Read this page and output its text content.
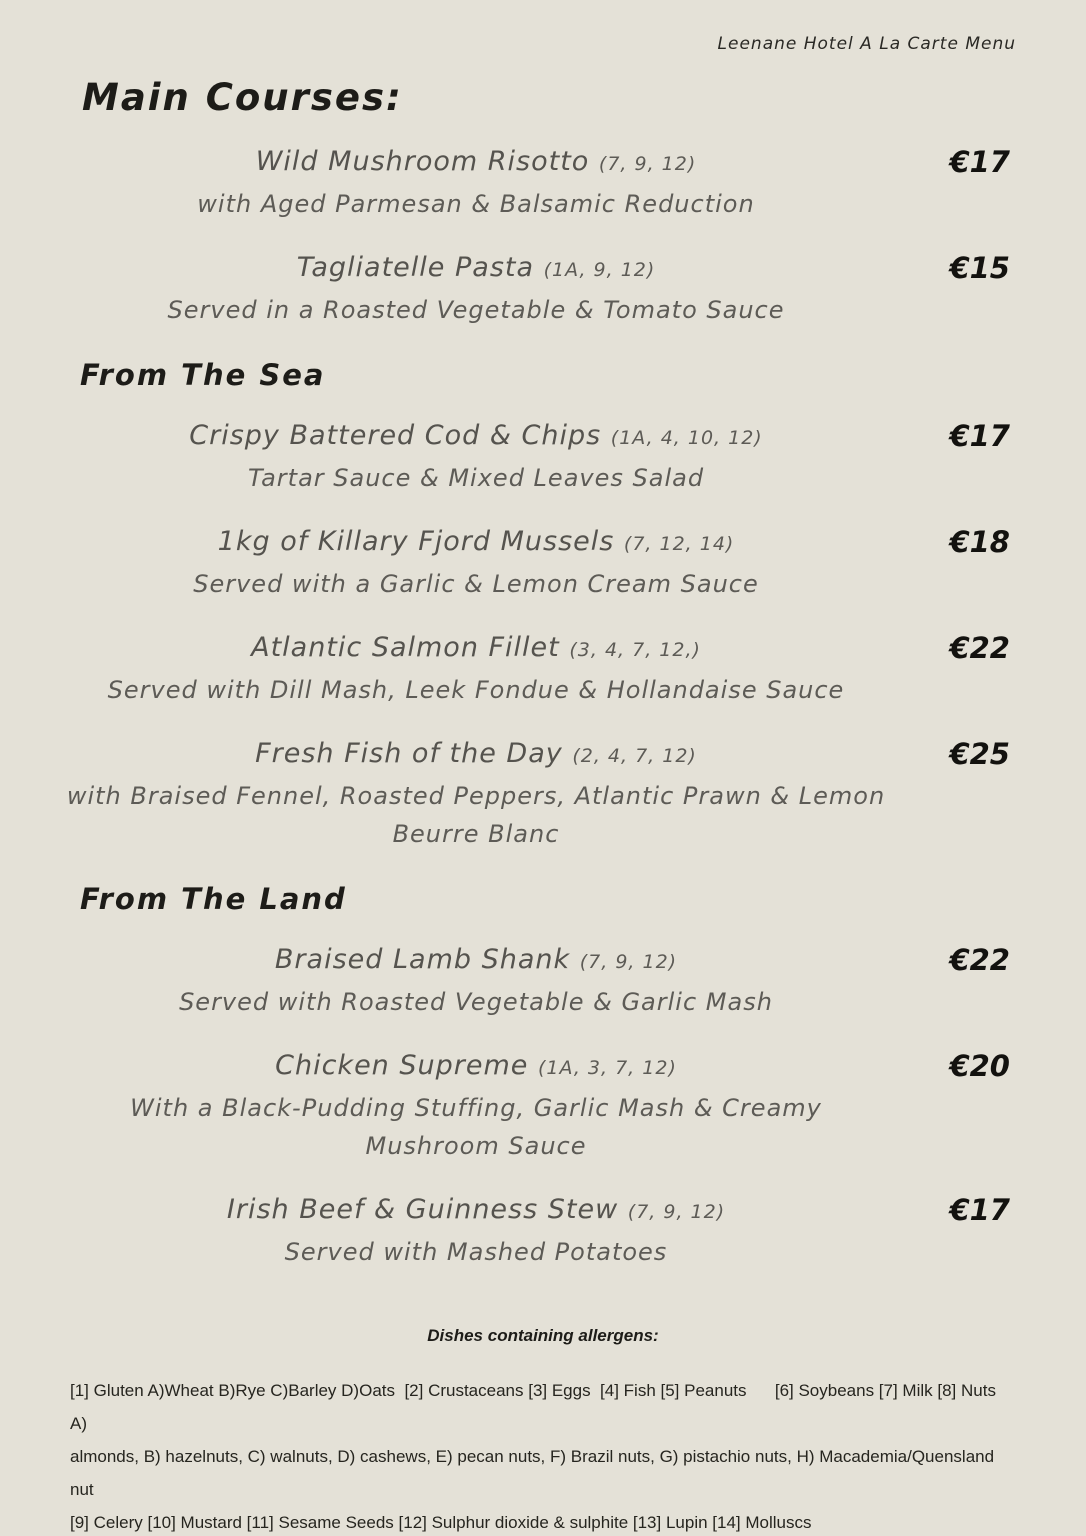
Leenane Hotel A La Carte Menu
Main Courses:
Wild Mushroom Risotto (7, 9, 12)
with Aged Parmesan & Balsamic Reduction
€17
Tagliatelle Pasta (1A, 9, 12)
Served in a Roasted Vegetable & Tomato Sauce
€15
From The Sea
Crispy Battered Cod & Chips (1A, 4, 10, 12)
Tartar Sauce & Mixed Leaves Salad
€17
1kg of Killary Fjord Mussels (7, 12, 14)
Served with a Garlic & Lemon Cream Sauce
€18
Atlantic Salmon Fillet (3, 4, 7, 12,)
Served with Dill Mash, Leek Fondue & Hollandaise Sauce
€22
Fresh Fish of the Day (2, 4, 7, 12)
with Braised Fennel, Roasted Peppers, Atlantic Prawn & Lemon
Beurre Blanc
€25
From The Land
Braised Lamb Shank (7, 9, 12)
Served with Roasted Vegetable & Garlic Mash
€22
Chicken Supreme (1A, 3, 7, 12)
With a Black-Pudding Stuffing, Garlic Mash & Creamy
Mushroom Sauce
€20
Irish Beef & Guinness Stew (7, 9, 12)
Served with Mashed Potatoes
€17
Dishes containing allergens:
[1] Gluten A)Wheat B)Rye C)Barley D)Oats  [2] Crustaceans [3] Eggs  [4] Fish [5] Peanuts      [6] Soybeans [7] Milk [8] Nuts A)
almonds, B) hazelnuts, C) walnuts, D) cashews, E) pecan nuts, F) Brazil nuts, G) pistachio nuts, H) Macademia/Quensland nut
[9] Celery [10] Mustard [11] Sesame Seeds [12] Sulphur dioxide & sulphite [13] Lupin [14] Molluscs
